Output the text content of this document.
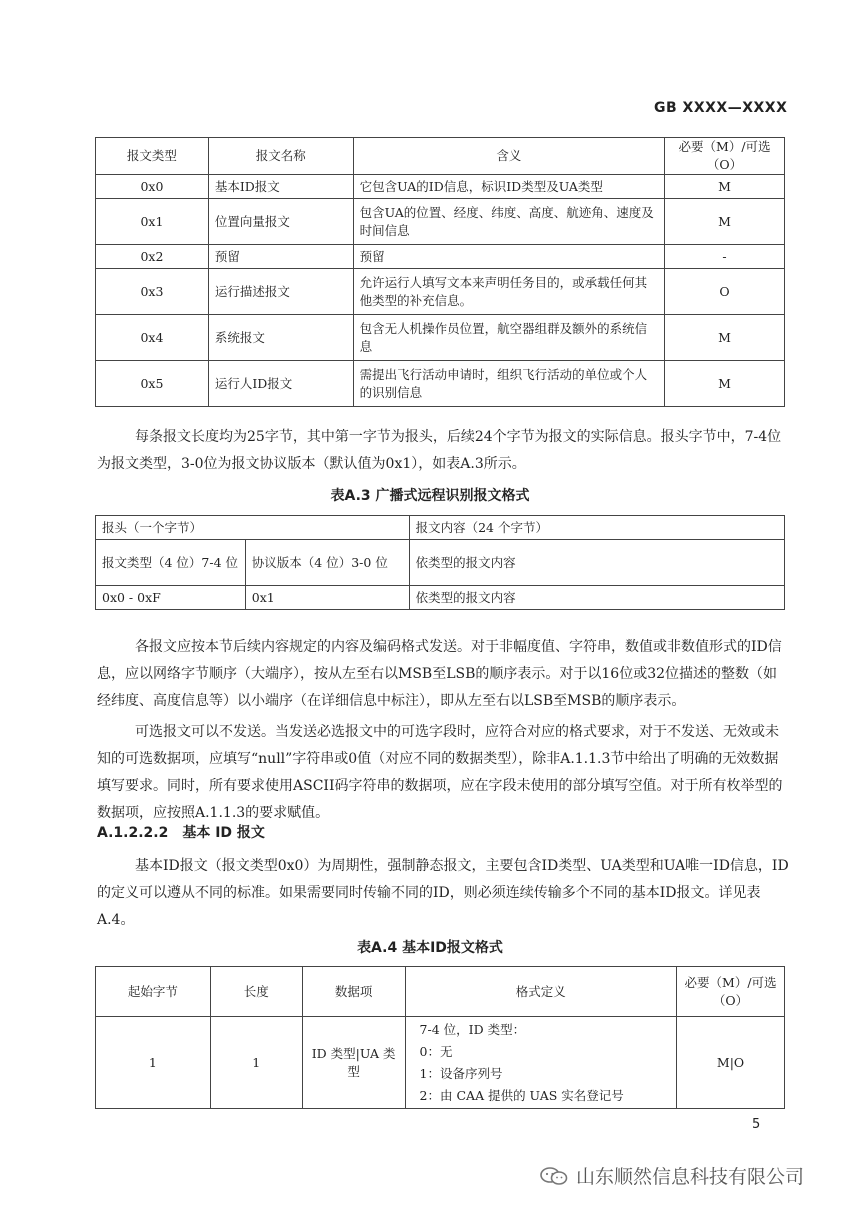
GB XXXX—XXXX
报文类型	报文名称	含义	必要（M）/可选（O）
0x0	基本ID报文	它包含UA的ID信息，标识ID类型及UA类型	M
0x1	位置向量报文	包含UA的位置、经度、纬度、高度、航迹角、速度及时间信息	M
0x2	预留	预留	-
0x3	运行描述报文	允许运行人填写文本来声明任务目的，或承载任何其他类型的补充信息。	O
0x4	系统报文	包含无人机操作员位置，航空器组群及额外的系统信息	M
0x5	运行人ID报文	需提出飞行活动申请时，组织飞行活动的单位或个人的识别信息	M
每条报文长度均为25字节，其中第一字节为报头，后续24个字节为报文的实际信息。报头字节中，7-4位为报文类型，3-0位为报文协议版本（默认值为0x1），如表A.3所示。
表A.3 广播式远程识别报文格式
报头（一个字节）		报文内容（24 个字节）
报文类型（4 位）7-4 位	协议版本（4 位）3-0 位	依类型的报文内容
0x0 - 0xF	0x1	依类型的报文内容
各报文应按本节后续内容规定的内容及编码格式发送。对于非幅度值、字符串，数值或非数值形式的ID信息，应以网络字节顺序（大端序），按从左至右以MSB至LSB的顺序表示。对于以16位或32位描述的整数（如经纬度、高度信息等）以小端序（在详细信息中标注），即从左至右以LSB至MSB的顺序表示。
可选报文可以不发送。当发送必选报文中的可选字段时，应符合对应的格式要求，对于不发送、无效或未知的可选数据项，应填写“null”字符串或0值（对应不同的数据类型），除非A.1.1.3节中给出了明确的无效数据填写要求。同时，所有要求使用ASCII码字符串的数据项，应在字段未使用的部分填写空值。对于所有枚举型的数据项，应按照A.1.1.3的要求赋值。
A.1.2.2.2 基本 ID 报文
基本ID报文（报文类型0x0）为周期性，强制静态报文，主要包含ID类型、UA类型和UA唯一ID信息，ID的定义可以遵从不同的标准。如果需要同时传输不同的ID，则必须连续传输多个不同的基本ID报文。详见表A.4。
表A.4 基本ID报文格式
起始字节	长度	数据项	格式定义	必要（M）/可选（O）
1	1	ID 类型|UA 类型	7-4 位，ID 类型：
0：无
1：设备序列号
2：由 CAA 提供的 UAS 实名登记号	M|O
5
山东顺然信息科技有限公司
